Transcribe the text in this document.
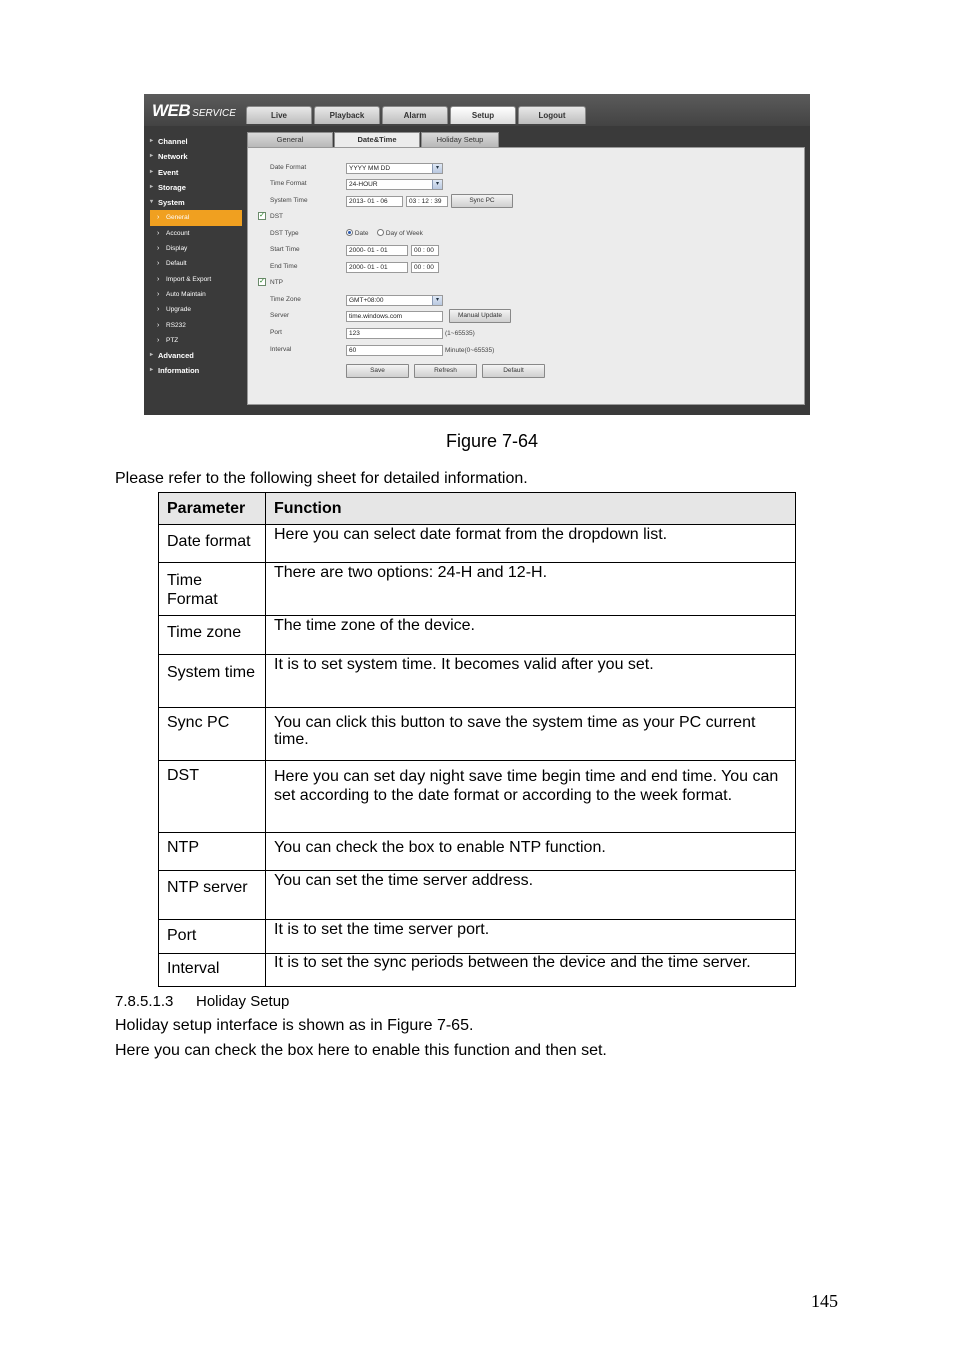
WEB SERVICE	Live	Playback	Alarm	Setup	Logout
▸ Channel
▸ Network
▸ Event
▸ Storage
▾ System
› General
› Account
› Display
› Default
› Import & Export
› Auto Maintain
› Upgrade
› RS232
› PTZ
▸ Advanced
▸ Information
General	Date&Time	Holiday Setup
Date Format	YYYY MM DD	▾
Time Format	24-HOUR	▾
System Time	2013- 01 - 06	03 : 12 : 39	Sync PC
✓ DST
DST Type	Date	Day of Week
Start Time	2000- 01 - 01	00 : 00
End Time	2000- 01 - 01	00 : 00
✓ NTP
Time Zone	GMT+08:00	▾
Server	time.windows.com	Manual Update
Port	123	(1~65535)
Interval	60	Minute(0~65535)
Save	Refresh	Default
Figure 7-64
Please refer to the following sheet for detailed information.
Parameter	Function
Date format	Here you can select date format from the dropdown list.
Time Format	There are two options: 24-H and 12-H.
Time zone	The time zone of the device.
System time	It is to set system time. It becomes valid after you set.
Sync PC	You can click this button to save the system time as your PC current time.
DST	Here you can set day night save time begin time and end time. You can set according to the date format or according to the week format.
NTP	You can check the box to enable NTP function.
NTP server	You can set the time server address.
Port	It is to set the time server port.
Interval	It is to set the sync periods between the device and the time server.
7.8.5.1.3 Holiday Setup
Holiday setup interface is shown as in Figure 7-65.
Here you can check the box here to enable this function and then set.
145
